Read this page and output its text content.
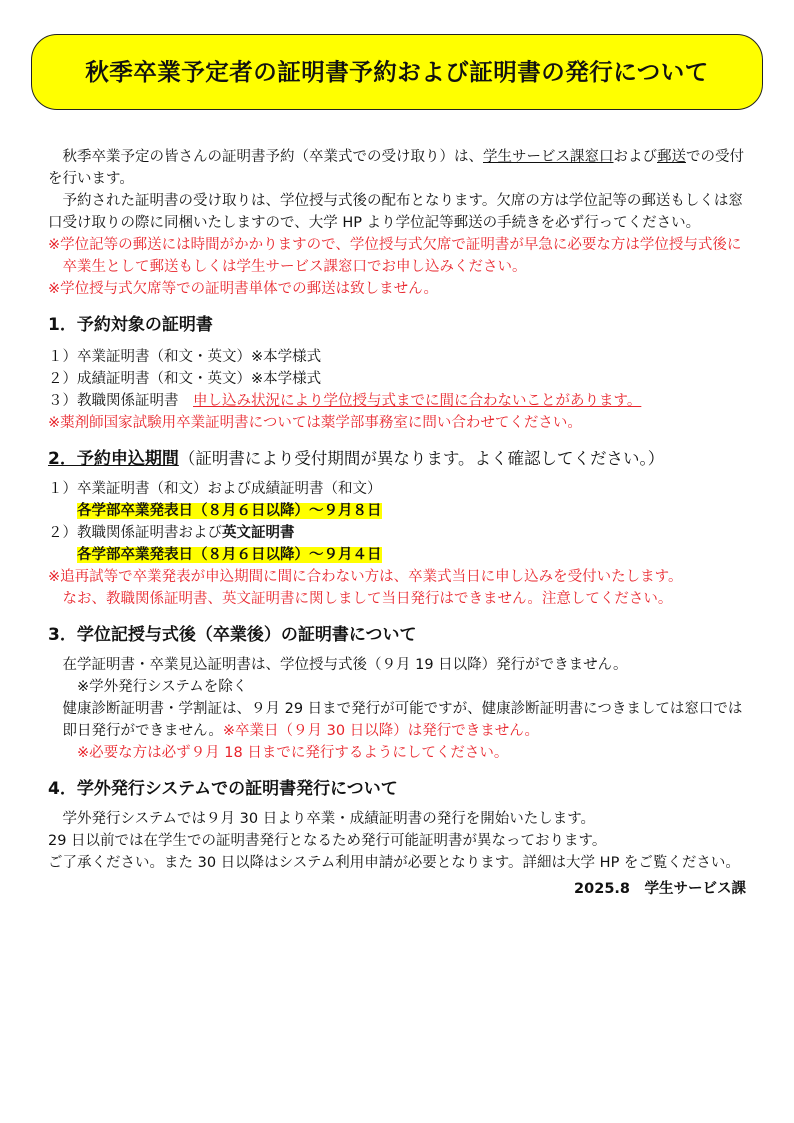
秋季卒業予定者の証明書予約および証明書の発行について

秋季卒業予定の皆さんの証明書予約（卒業式での受け取り）は、学生サービス課窓口および郵送での受付を行います。

予約された証明書の受け取りは、学位授与式後の配布となります。欠席の方は学位記等の郵送もしくは窓口受け取りの際に同梱いたしますので、大学 HP より学位記等郵送の手続きを必ず行ってください。

※学位記等の郵送には時間がかかりますので、学位授与式欠席で証明書が早急に必要な方は学位授与式後に卒業生として郵送もしくは学生サービス課窓口でお申し込みください。

※学位授与式欠席等での証明書単体での郵送は致しません。

1．予約対象の証明書

１）卒業証明書（和文・英文）※本学様式

２）成績証明書（和文・英文）※本学様式

３）教職関係証明書　申し込み状況により学位授与式までに間に合わないことがあります。

※薬剤師国家試験用卒業証明書については薬学部事務室に問い合わせてください。

2．予約申込期間（証明書により受付期間が異なります。よく確認してください。）

１）卒業証明書（和文）および成績証明書（和文）

各学部卒業発表日（８月６日以降）～９月８日

２）教職関係証明書および英文証明書

各学部卒業発表日（８月６日以降）～９月４日

※追再試等で卒業発表が申込期間に間に合わない方は、卒業式当日に申し込みを受付いたします。

なお、教職関係証明書、英文証明書に関しまして当日発行はできません。注意してください。

3．学位記授与式後（卒業後）の証明書について

在学証明書・卒業見込証明書は、学位授与式後（９月 19 日以降）発行ができません。

※学外発行システムを除く

健康診断証明書・学割証は、９月 29 日まで発行が可能ですが、健康診断証明書につきましては窓口では即日発行ができません。※卒業日（９月 30 日以降）は発行できません。

※必要な方は必ず９月 18 日までに発行するようにしてください。

4．学外発行システムでの証明書発行について

学外発行システムでは９月 30 日より卒業・成績証明書の発行を開始いたします。

29 日以前では在学生での証明書発行となるため発行可能証明書が異なっております。

ご了承ください。また 30 日以降はシステム利用申請が必要となります。詳細は大学 HP をご覧ください。

2025.8　学生サービス課
